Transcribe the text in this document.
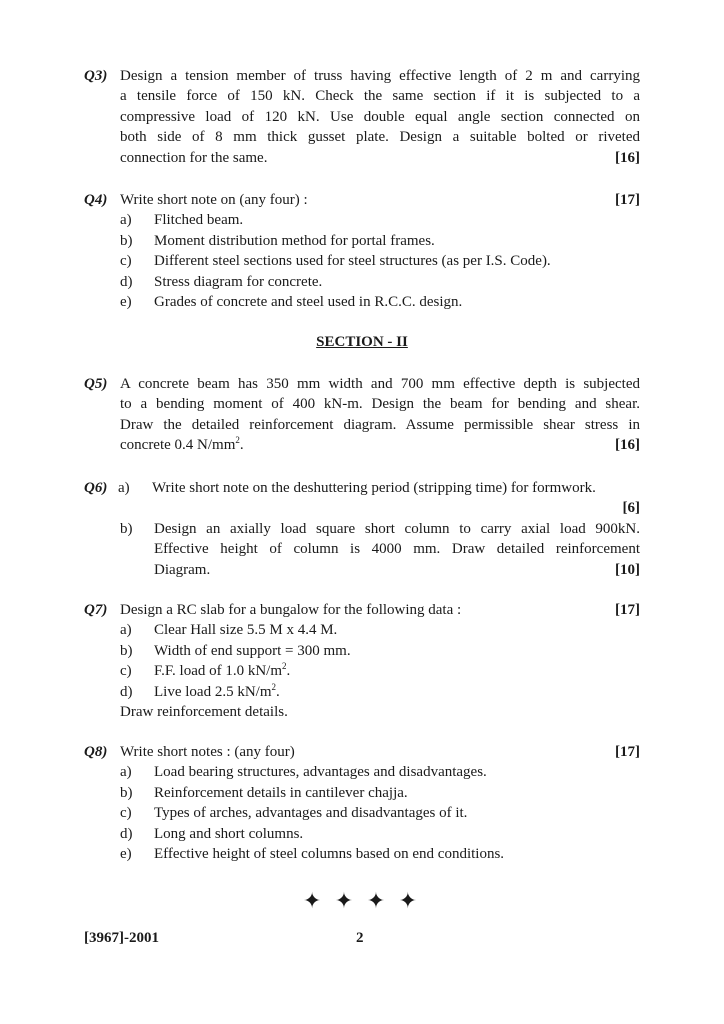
Q3) Design a tension member of truss having effective length of 2 m and carrying
a tensile force of 150 kN. Check the same section if it is subjected to a
compressive load of 120 kN. Use double equal angle section connected on
both side of 8 mm thick gusset plate. Design a suitable bolted or riveted
connection for the same.	[16]
Q4) Write short note on (any four) :	[17]
a)	Flitched beam.
b)	Moment distribution method for portal frames.
c)	Different steel sections used for steel structures (as per I.S. Code).
d)	Stress diagram for concrete.
e)	Grades of concrete and steel used in R.C.C. design.
SECTION - II
Q5) A concrete beam has 350 mm width and 700 mm effective depth is subjected
to a bending moment of 400 kN-m. Design the beam for bending and shear.
Draw the detailed reinforcement diagram. Assume permissible shear stress in
concrete 0.4 $N/mm^2$.	[16]
Q6) a)	Write short note on the deshuttering period (stripping time) for formwork.
[6]
b)	Design an axially load square short column to carry axial load 900kN.
Effective height of column is 4000 mm. Draw detailed reinforcement
Diagram.	[10]
Q7) Design a RC slab for a bungalow for the following data :	[17]
a)	Clear Hall size 5.5 M x 4.4 M.
b)	Width of end support = 300 mm.
c)	F.F. load of 1.0 $kN/m^2$.
d)	Live load 2.5 $kN/m^2$.
Draw reinforcement details.
Q8) Write short notes : (any four)	[17]
a)	Load bearing structures, advantages and disadvantages.
b)	Reinforcement details in cantilever chajja.
c)	Types of arches, advantages and disadvantages of it.
d)	Long and short columns.
e)	Effective height of steel columns based on end conditions.
✦ ✦ ✦ ✦
[3967]-2001	2
